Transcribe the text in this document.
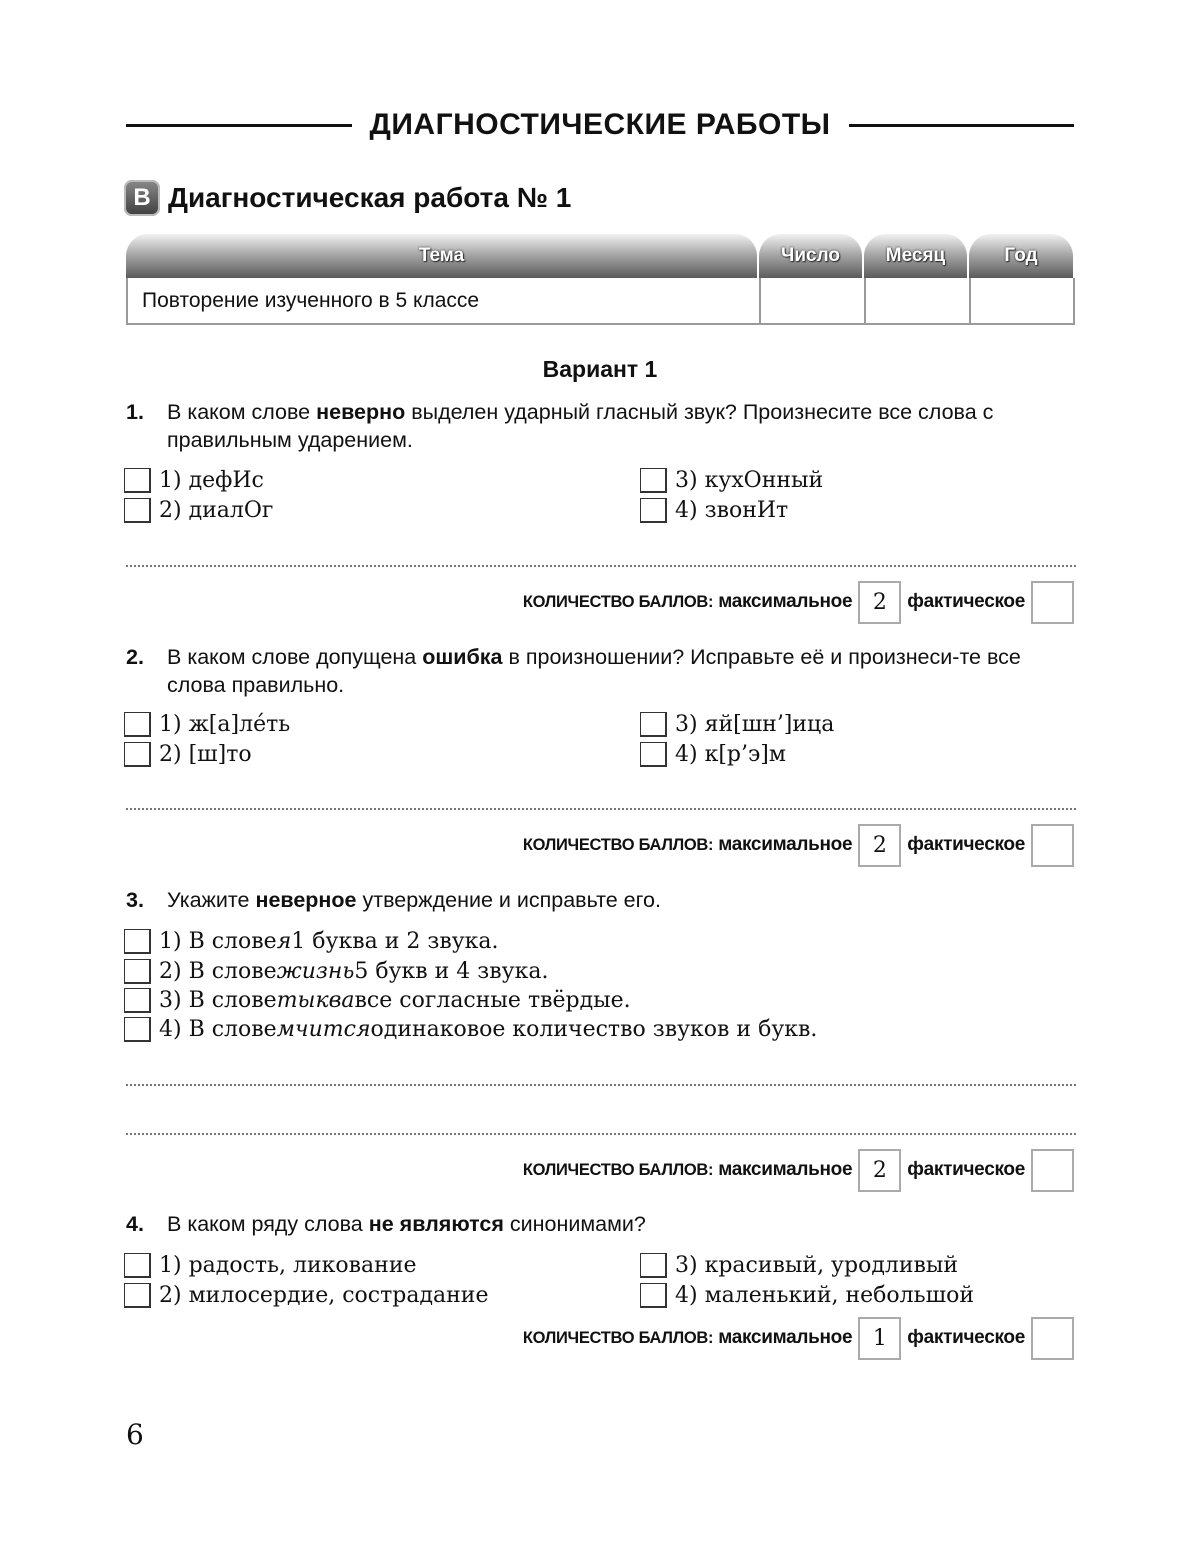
ДИАГНОСТИЧЕСКИЕ РАБОТЫ
В Диагностическая работа № 1
Тема	Число	Месяц	Год
Повторение изученного в 5 классе
Вариант 1
1. В каком слове неверно выделен ударный гласный звук? Произнесите все слова с правильным ударением.
1) дефИс
2) диалОг
3) кухОнный
4) звонИт
КОЛИЧЕСТВО БАЛЛОВ:
максимальное 2	фактическое
2. В каком слове допущена ошибка в произношении? Исправьте её и произнеси-те все слова правильно.
1) ж[а]ле́ть
2) [ш]то
3) яй[шн’]ица
4) к[р’э]м
КОЛИЧЕСТВО БАЛЛОВ:
максимальное 2	фактическое
3. Укажите неверное утверждение и исправьте его.
1) В слове я 1 буква и 2 звука.
2) В слове жизнь 5 букв и 4 звука.
3) В слове тыква все согласные твёрдые.
4) В слове мчится одинаковое количество звуков и букв.
КОЛИЧЕСТВО БАЛЛОВ:
максимальное 2	фактическое
4. В каком ряду слова не являются синонимами?
1) радость, ликование
2) милосердие, сострадание
3) красивый, уродливый
4) маленький, небольшой
КОЛИЧЕСТВО БАЛЛОВ:
максимальное 1	фактическое
6
